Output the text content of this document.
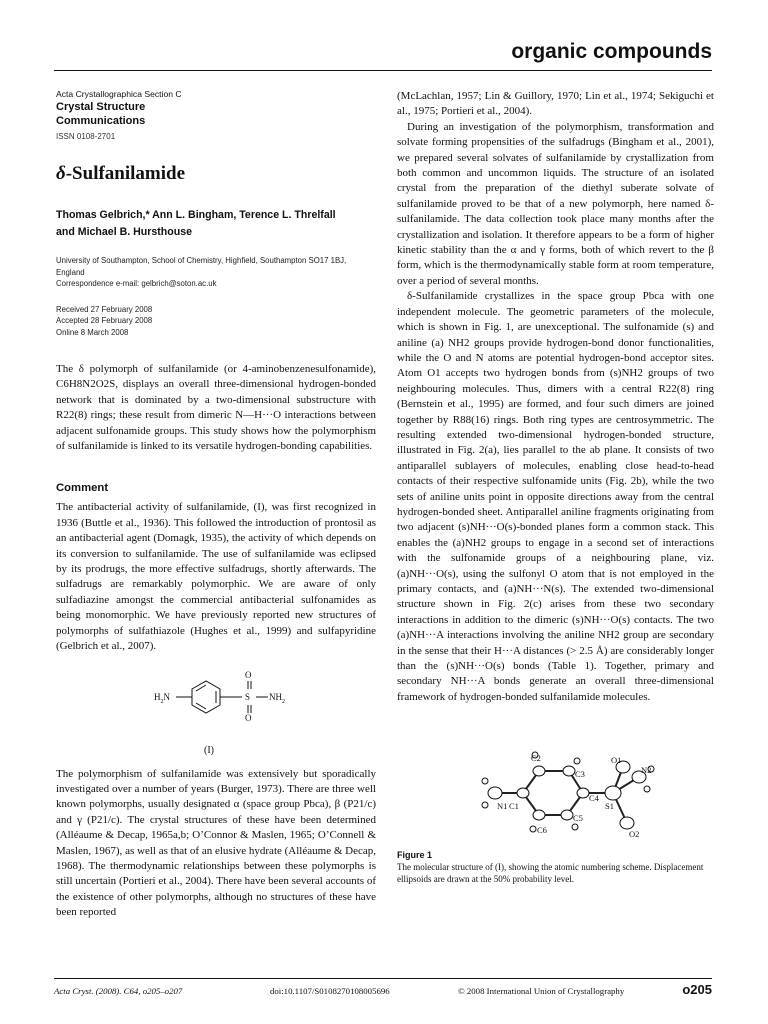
organic compounds
Acta Crystallographica Section C
Crystal Structure
Communications
ISSN 0108-2701
δ-Sulfanilamide
Thomas Gelbrich,* Ann L. Bingham, Terence L. Threlfall
and Michael B. Hursthouse
University of Southampton, School of Chemistry, Highfield, Southampton SO17 1BJ,
England
Correspondence e-mail: gelbrich@soton.ac.uk
Received 27 February 2008
Accepted 28 February 2008
Online 8 March 2008

The δ polymorph of sulfanilamide (or 4-aminobenzenesulfonamide), C6H8N2O2S, displays an overall three-dimensional hydrogen-bonded network that is dominated by a two-dimensional substructure with R22(8) rings; these result from dimeric N—H···O interactions between adjacent sulfonamide groups. This study shows how the polymorphism of sulfanilamide is linked to its versatile hydrogen-bonding capabilities.

Comment

The antibacterial activity of sulfanilamide, (I), was first recognized in 1936 (Buttle et al., 1936). This followed the introduction of prontosil as an antibacterial agent (Domagk, 1935), the activity of which depends on its conversion to sulfanilamide. The use of sulfanilamide was eclipsed by its prodrugs, the more effective sulfadrugs, shortly afterwards. The sulfadrugs are remarkably polymorphic. We are aware of only sulfadiazine amongst the commercial antibacterial sulfonamides as being monomorphic. We have previously reported new structures of polymorphs of sulfathiazole (Hughes et al., 1999) and sulfapyridine (Gelbrich et al., 2007).

$H_2N$	S
O
O
$NH_2$
(I)

The polymorphism of sulfanilamide was extensively but sporadically investigated over a number of years (Burger, 1973). There are three well known polymorphs, usually designated α (space group Pbca), β (P21/c) and γ (P21/c). The crystal structures of these have been determined (Alléaume & Decap, 1965a,b; O’Connor & Maslen, 1965; O’Connell & Maslen, 1967), as well as that of an elusive hydrate (Alléaume & Decap, 1968). The thermodynamic relationships between these polymorphs is still uncertain (Portieri et al., 2004). There have been several accounts of the existence of other polymorphs, although no structures of these have been reported

(McLachlan, 1957; Lin & Guillory, 1970; Lin et al., 1974; Sekiguchi et al., 1975; Portieri et al., 2004).

During an investigation of the polymorphism, transformation and solvate forming propensities of the sulfadrugs (Bingham et al., 2001), we prepared several solvates of sulfanilamide by crystallization from both common and uncommon liquids. The structure of an isolated crystal from the preparation of the diethyl suberate solvate of sulfanilamide proved to be that of a new polymorph, here named δ-sulfanilamide. The data collection took place many months after the crystallization and isolation. It therefore appears to be a form of higher kinetic stability than the α and γ forms, both of which revert to the β form, which is the thermodynamically stable form at room temperature, over a period of several months.

δ-Sulfanilamide crystallizes in the space group Pbca with one independent molecule. The geometric parameters of the molecule, which is shown in Fig. 1, are unexceptional. The sulfonamide (s) and aniline (a) NH2 groups provide hydrogen-bond donor functionalities, while the O and N atoms are potential hydrogen-bond acceptor sites. Atom O1 accepts two hydrogen bonds from (s)NH2 groups of two neighbouring molecules. Thus, dimers with a central R22(8) ring (Bernstein et al., 1995) are formed, and four such dimers are joined together by R88(16) rings. Both ring types are centrosymmetric. The resulting extended two-dimensional hydrogen-bonded structure, illustrated in Fig. 2(a), lies parallel to the ab plane. It consists of two antiparallel sublayers of molecules, enabling close head-to-head contacts of their respective sulfonamide units (Fig. 2b), while the two sets of aniline units point in opposite directions away from the central hydrogen-bonded sheet. Antiparallel aniline fragments originating from two adjacent (s)NH···O(s)-bonded planes form a common stack. This enables the (a)NH2 groups to engage in a second set of interactions with the sulfonamide groups of a neighbouring plane, viz. (a)NH···O(s), using the sulfonyl O atom that is not employed in the primary contacts, and (a)NH···N(s). The extended two-dimensional structure shown in Fig. 2(c) arises from these two secondary interactions in addition to the dimeric (s)NH···O(s) contacts. The two (a)NH···A interactions involving the aniline NH2 group are secondary in the sense that their H···A distances (> 2.5 Å) are considerably longer than the (s)NH···O(s) bonds (Table 1). Together, primary and secondary NH···A bonds generate an overall three-dimensional framework of hydrogen-bonded sulfanilamide molecules.

N1 C1
C2
C3
C4
C5
C6
S1
O1
N2
O2
Figure 1
The molecular structure of (I), showing the atomic numbering scheme. Displacement ellipsoids are drawn at the 50% probability level.
Acta Cryst. (2008). C64, o205–o207	doi:10.1107/S0108270108005696	© 2008 International Union of Crystallography	o205
